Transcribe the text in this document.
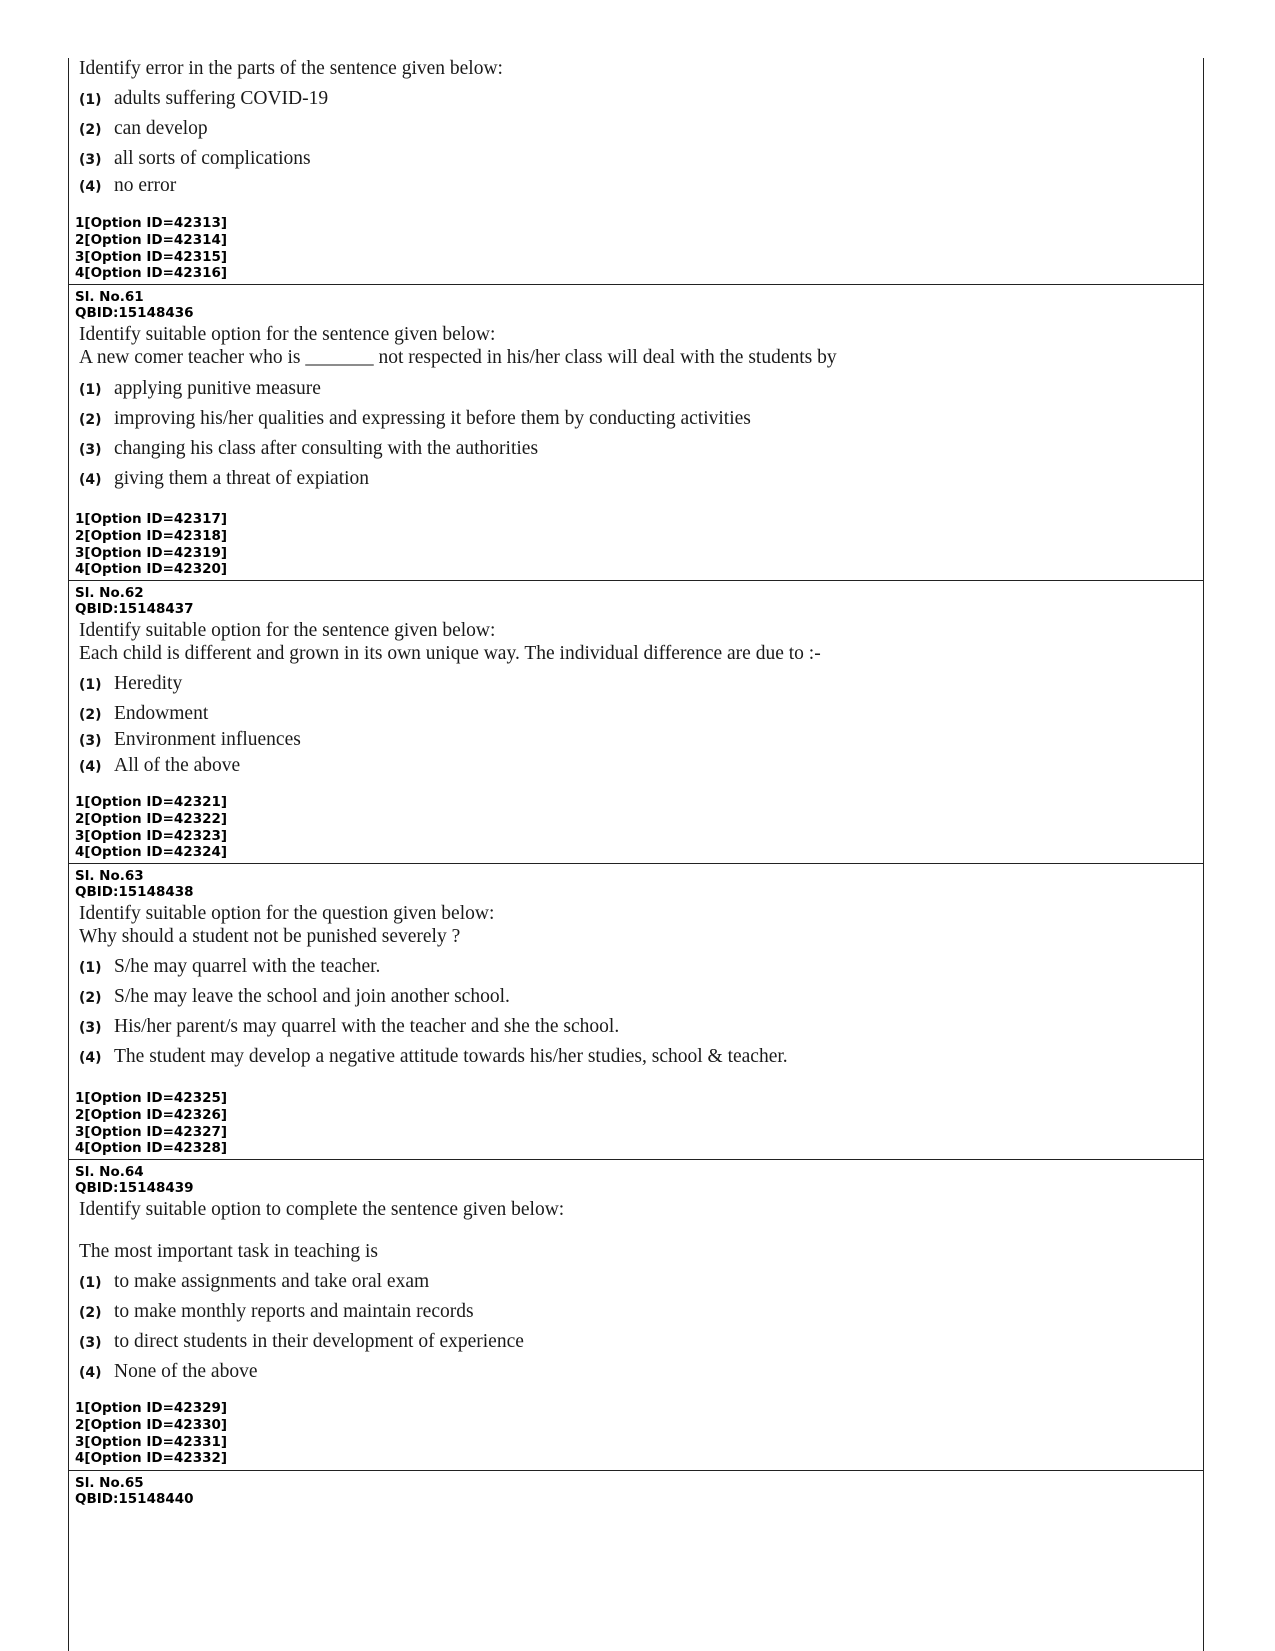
Identify error in the parts of the sentence given below:
(1) adults suffering COVID-19
(2) can develop
(3) all sorts of complications
(4) no error
1[Option ID=42313]
2[Option ID=42314]
3[Option ID=42315]
4[Option ID=42316]
Sl. No.61
QBID:15148436
Identify suitable option for the sentence given below:
A new comer teacher who is _______ not respected in his/her class will deal with the students by
(1) applying punitive measure
(2) improving his/her qualities and expressing it before them by conducting activities
(3) changing his class after consulting with the authorities
(4) giving them a threat of expiation
1[Option ID=42317]
2[Option ID=42318]
3[Option ID=42319]
4[Option ID=42320]
Sl. No.62
QBID:15148437
Identify suitable option for the sentence given below:
Each child is different and grown in its own unique way. The individual difference are due to :-
(1) Heredity
(2) Endowment
(3) Environment influences
(4) All of the above
1[Option ID=42321]
2[Option ID=42322]
3[Option ID=42323]
4[Option ID=42324]
Sl. No.63
QBID:15148438
Identify suitable option for the question given below:
Why should a student not be punished severely ?
(1) S/he may quarrel with the teacher.
(2) S/he may leave the school and join another school.
(3) His/her parent/s may quarrel with the teacher and she the school.
(4) The student may develop a negative attitude towards his/her studies, school & teacher.
1[Option ID=42325]
2[Option ID=42326]
3[Option ID=42327]
4[Option ID=42328]
Sl. No.64
QBID:15148439
Identify suitable option to complete the sentence given below:
The most important task in teaching is
(1) to make assignments and take oral exam
(2) to make monthly reports and maintain records
(3) to direct students in their development of experience
(4) None of the above
1[Option ID=42329]
2[Option ID=42330]
3[Option ID=42331]
4[Option ID=42332]
Sl. No.65
QBID:15148440
